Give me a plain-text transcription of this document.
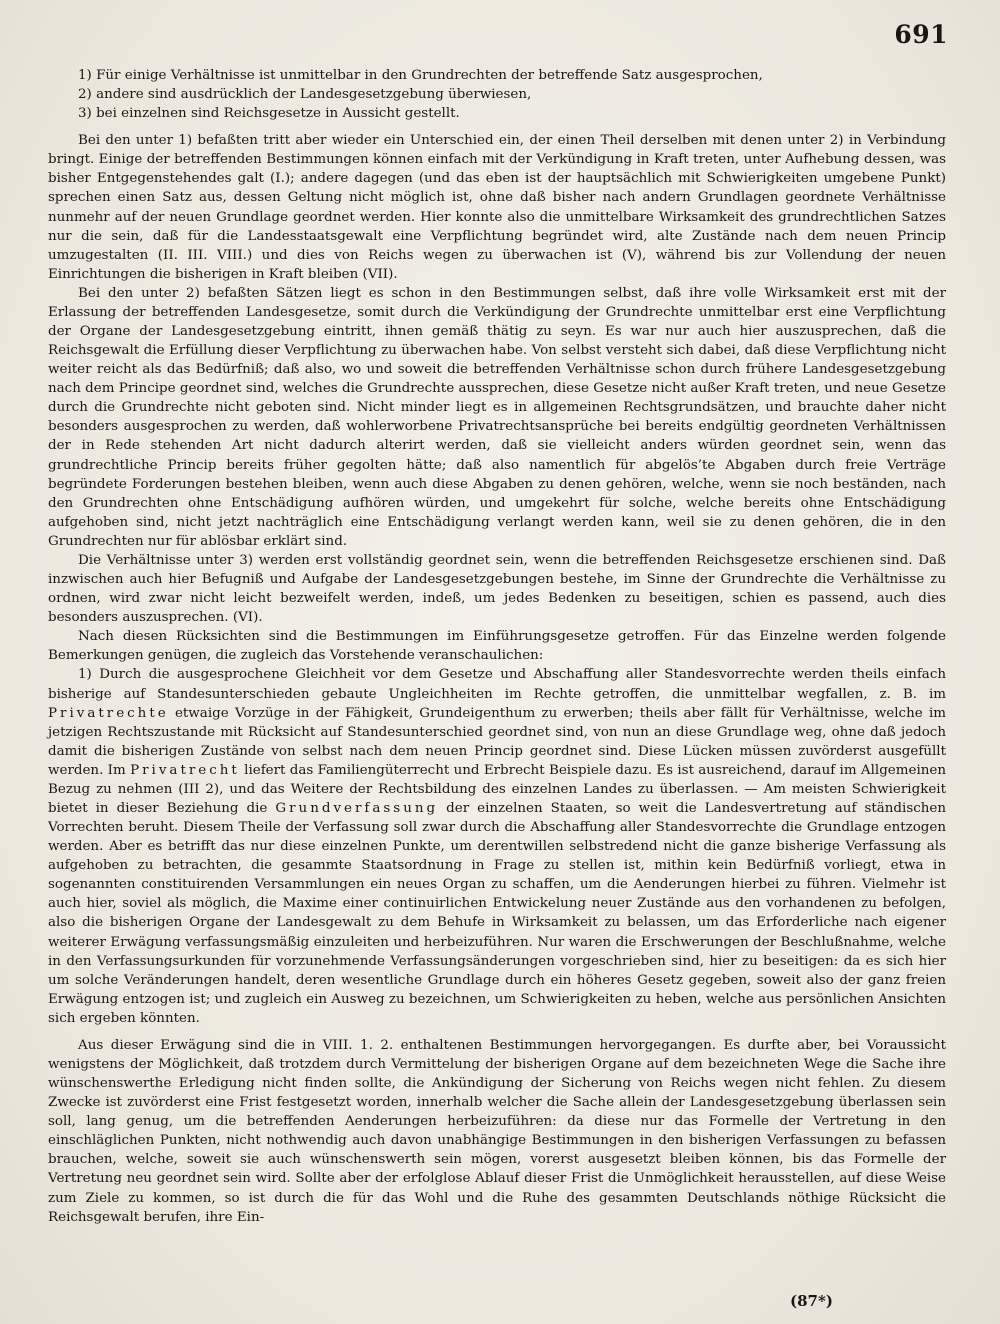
691

1) Für einige Verhältnisse ist unmittelbar in den Grundrechten der betreffende Satz ausgesprochen,

2) andere sind ausdrücklich der Landesgesetzgebung überwiesen,

3) bei einzelnen sind Reichsgesetze in Aussicht gestellt.

Bei den unter 1) befaßten tritt aber wieder ein Unterschied ein, der einen Theil derselben mit denen unter 2) in Verbindung bringt. Einige der betreffenden Bestimmungen können einfach mit der Verkündigung in Kraft treten, unter Aufhebung dessen, was bisher Entgegenstehendes galt (I.); andere dagegen (und das eben ist der hauptsächlich mit Schwierigkeiten umgebene Punkt) sprechen einen Satz aus, dessen Geltung nicht möglich ist, ohne daß bisher nach andern Grundlagen geordnete Verhältnisse nunmehr auf der neuen Grundlage geordnet werden. Hier konnte also die unmittelbare Wirksamkeit des grundrechtlichen Satzes nur die sein, daß für die Landesstaatsgewalt eine Verpflichtung begründet wird, alte Zustände nach dem neuen Princip umzugestalten (II. III. VIII.) und dies von Reichs wegen zu überwachen ist (V), während bis zur Vollendung der neuen Einrichtungen die bisherigen in Kraft bleiben (VII).

Bei den unter 2) befaßten Sätzen liegt es schon in den Bestimmungen selbst, daß ihre volle Wirksamkeit erst mit der Erlassung der betreffenden Landesgesetze, somit durch die Verkündigung der Grundrechte unmittelbar erst eine Verpflichtung der Organe der Landesgesetzgebung eintritt, ihnen gemäß thätig zu seyn. Es war nur auch hier auszusprechen, daß die Reichsgewalt die Erfüllung dieser Verpflichtung zu überwachen habe. Von selbst versteht sich dabei, daß diese Verpflichtung nicht weiter reicht als das Bedürfniß; daß also, wo und soweit die betreffenden Verhältnisse schon durch frühere Landesgesetzgebung nach dem Principe geordnet sind, welches die Grundrechte aussprechen, diese Gesetze nicht außer Kraft treten, und neue Gesetze durch die Grundrechte nicht geboten sind. Nicht minder liegt es in allgemeinen Rechtsgrundsätzen, und brauchte daher nicht besonders ausgesprochen zu werden, daß wohlerworbene Privatrechtsansprüche bei bereits endgültig geordneten Verhältnissen der in Rede stehenden Art nicht dadurch alterirt werden, daß sie vielleicht anders würden geordnet sein, wenn das grundrechtliche Princip bereits früher gegolten hätte; daß also namentlich für abgelös’te Abgaben durch freie Verträge begründete Forderungen bestehen bleiben, wenn auch diese Abgaben zu denen gehören, welche, wenn sie noch beständen, nach den Grundrechten ohne Entschädigung aufhören würden, und umgekehrt für solche, welche bereits ohne Entschädigung aufgehoben sind, nicht jetzt nachträglich eine Entschädigung verlangt werden kann, weil sie zu denen gehören, die in den Grundrechten nur für ablösbar erklärt sind.

Die Verhältnisse unter 3) werden erst vollständig geordnet sein, wenn die betreffenden Reichsgesetze erschienen sind. Daß inzwischen auch hier Befugniß und Aufgabe der Landesgesetzgebungen bestehe, im Sinne der Grundrechte die Verhältnisse zu ordnen, wird zwar nicht leicht bezweifelt werden, indeß, um jedes Bedenken zu beseitigen, schien es passend, auch dies besonders auszusprechen. (VI).

Nach diesen Rücksichten sind die Bestimmungen im Einführungsgesetze getroffen. Für das Einzelne werden folgende Bemerkungen genügen, die zugleich das Vorstehende veranschaulichen:

1) Durch die ausgesprochene Gleichheit vor dem Gesetze und Abschaffung aller Standesvorrechte werden theils einfach bisherige auf Standesunterschieden gebaute Ungleichheiten im Rechte getroffen, die unmittelbar wegfallen, z. B. im Privatrechte etwaige Vorzüge in der Fähigkeit, Grundeigenthum zu erwerben; theils aber fällt für Verhältnisse, welche im jetzigen Rechtszustande mit Rücksicht auf Standesunterschied geordnet sind, von nun an diese Grundlage weg, ohne daß jedoch damit die bisherigen Zustände von selbst nach dem neuen Princip geordnet sind. Diese Lücken müssen zuvörderst ausgefüllt werden. Im Privatrecht liefert das Familiengüterrecht und Erbrecht Beispiele dazu. Es ist ausreichend, darauf im Allgemeinen Bezug zu nehmen (III 2), und das Weitere der Rechtsbildung des einzelnen Landes zu überlassen. — Am meisten Schwierigkeit bietet in dieser Beziehung die Grundverfassung der einzelnen Staaten, so weit die Landesvertretung auf ständischen Vorrechten beruht. Diesem Theile der Verfassung soll zwar durch die Abschaffung aller Standesvorrechte die Grundlage entzogen werden. Aber es betrifft das nur diese einzelnen Punkte, um derentwillen selbstredend nicht die ganze bisherige Verfassung als aufgehoben zu betrachten, die gesammte Staatsordnung in Frage zu stellen ist, mithin kein Bedürfniß vorliegt, etwa in sogenannten constituirenden Versammlungen ein neues Organ zu schaffen, um die Aenderungen hierbei zu führen. Vielmehr ist auch hier, soviel als möglich, die Maxime einer continuirlichen Entwickelung neuer Zustände aus den vorhandenen zu befolgen, also die bisherigen Organe der Landesgewalt zu dem Behufe in Wirksamkeit zu belassen, um das Erforderliche nach eigener weiterer Erwägung verfassungsmäßig einzuleiten und herbeizuführen. Nur waren die Erschwerungen der Beschlußnahme, welche in den Verfassungsurkunden für vorzunehmende Verfassungsänderungen vorgeschrieben sind, hier zu beseitigen: da es sich hier um solche Veränderungen handelt, deren wesentliche Grundlage durch ein höheres Gesetz gegeben, soweit also der ganz freien Erwägung entzogen ist; und zugleich ein Ausweg zu bezeichnen, um Schwierigkeiten zu heben, welche aus persönlichen Ansichten sich ergeben könnten.

Aus dieser Erwägung sind die in VIII. 1. 2. enthaltenen Bestimmungen hervorgegangen. Es durfte aber, bei Voraussicht wenigstens der Möglichkeit, daß trotzdem durch Vermittelung der bisherigen Organe auf dem bezeichneten Wege die Sache ihre wünschenswerthe Erledigung nicht finden sollte, die Ankündigung der Sicherung von Reichs wegen nicht fehlen. Zu diesem Zwecke ist zuvörderst eine Frist festgesetzt worden, innerhalb welcher die Sache allein der Landesgesetzgebung überlassen sein soll, lang genug, um die betreffenden Aenderungen herbeizuführen: da diese nur das Formelle der Vertretung in den einschläglichen Punkten, nicht nothwendig auch davon unabhängige Bestimmungen in den bisherigen Verfassungen zu befassen brauchen, welche, soweit sie auch wünschenswerth sein mögen, vorerst ausgesetzt bleiben können, bis das Formelle der Vertretung neu geordnet sein wird. Sollte aber der erfolglose Ablauf dieser Frist die Unmöglichkeit herausstellen, auf diese Weise zum Ziele zu kommen, so ist durch die für das Wohl und die Ruhe des gesammten Deutschlands nöthige Rücksicht die Reichsgewalt berufen, ihre Ein-

(87*)
